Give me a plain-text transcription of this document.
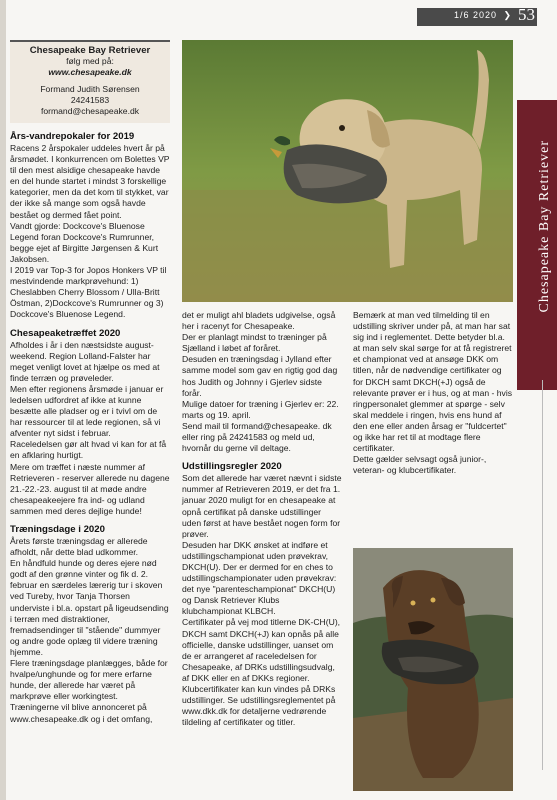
1/6 2020 ❯ 53
Chesapeake Bay Retriever
Chesapeake Bay Retriever
følg med på:
www.chesapeake.dk
Formand Judith Sørensen
24241583
formand@chesapeake.dk
Års-vandrepokaler for 2019

Racens 2 årspokaler uddeles hvert år på årsmødet. I konkurrencen om Bolettes VP til den mest alsidige chesapeake havde en del hunde startet i mindst 3 forskellige kategorier, men da det kom til stykket, var der ikke så mange som også havde bestået og dermed fået point.

Vandt gjorde: Dockcove's Bluenose Legend foran Dockcove's Rumrunner, begge ejet af Birgitte Jørgensen & Kurt Jakobsen.

I 2019 var Top-3 for Jopos Honkers VP til mestvindende markprøvehund: 1) Cheslabben Cherry Blossom / Ulla-Britt Östman, 2)Dockcove's Rumrunner og 3) Dockcove's Bluenose Legend.

Chesapeaketræffet 2020

Afholdes i år i den næstsidste august-weekend. Region Lolland-Falster har meget venligt lovet at hjælpe os med at finde terræn og prøveleder.

Men efter regionens årsmøde i januar er ledelsen udfordret af ikke at kunne besætte alle pladser og er i tvivl om de har ressourcer til at lede regionen, så vi afventer nyt sidst i februar.

Raceledelsen gør alt hvad vi kan for at få en afklaring hurtigt.

Mere om træffet i næste nummer af Retrieveren - reserver allerede nu dagene 21.-22.-23. august til at møde andre chesapeakeejere fra ind- og udland sammen med deres dejlige hunde!

Træningsdage i 2020

Årets første træningsdag er allerede afholdt, når dette blad udkommer.

En håndfuld hunde og deres ejere nød godt af den grønne vinter og fik d. 2. februar en særdeles lærerig tur i skoven ved Tureby, hvor Tanja Thorsen underviste i bl.a. opstart på ligeudsending i terræn med distraktioner, fremadsendinger til "stående" dummyer og andre gode oplæg til videre træning hjemme.

Flere træningsdage planlægges, både for hvalpe/unghunde og for mere erfarne hunde, der allerede har været på markprøve eller workingtest.

Træningerne vil blive annonceret på www.chesapeake.dk og i det omfang,

det er muligt ahl bladets udgivelse, også her i racenyt for Chesapeake.

Der er planlagt mindst to træninger på Sjælland i løbet af foråret.

Desuden en træningsdag i Jylland efter samme model som gav en rigtig god dag hos Judith og Johnny i Gjerlev sidste forår.

Mulige datoer for træning i Gjerlev er: 22. marts og 19. april.

Send mail til formand@chesapeake. dk eller ring på 24241583 og meld ud, hvornår du gerne vil deltage.

Udstillingsregler 2020

Som det allerede har været nævnt i sidste nummer af Retrieveren 2019, er det fra 1. januar 2020 muligt for en chesapeake at opnå certifikat på danske udstillinger uden først at have bestået nogen form for prøver.

Desuden har DKK ønsket at indføre et udstillingschampionat uden prøvekrav, DKCH(U). Der er dermed for en ches to udstillingschampionater uden prøvekrav: det nye "parenteschampionat" DKCH(U) og Dansk Retriever Klubs klubchampionat KLBCH.

Certifikater på vej mod titlerne DK-CH(U), DKCH samt DKCH(+J) kan opnås på alle officielle, danske udstillinger, uanset om de er arrangeret af raceledelsen for Chesapeake, af DRKs udstillingsudvalg, af DKK eller en af DKKs regioner.

Klubcertifikater kan kun vindes på DRKs udstillinger. Se udstillingsreglementet på www.dkk.dk for detaljerne vedrørende tildeling af certifikater og titler.

Bemærk at man ved tilmelding til en udstilling skriver under på, at man har sat sig ind i reglementet. Dette betyder bl.a. at man selv skal sørge for at få registreret et championat ved at ansøge DKK om titlen, når de nødvendige certifikater og for DKCH samt DKCH(+J) også de relevante prøver er i hus, og at man - hvis ringpersonalet glemmer at spørge - selv skal meddele i ringen, hvis ens hund af den ene eller anden årsag er "fuldcertet" og ikke har ret til at modtage flere certifikater.

Dette gælder selvsagt også junior-, veteran- og klubcertifikater.
